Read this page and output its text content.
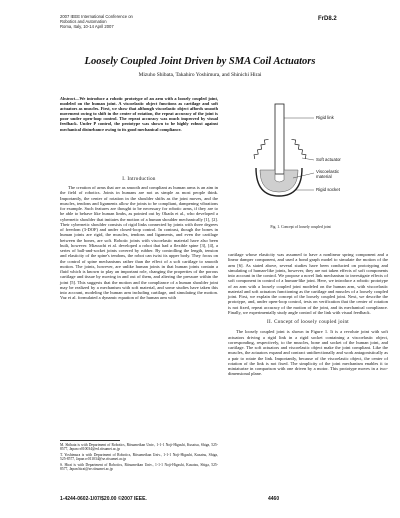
2007 IEEE International Conference on
Robotics and Automation
Roma, Italy, 10-14 April 2007
FrD8.2
Loosely Coupled Joint Driven by SMA Coil Actuators
Mizuho Shibata, Takahiro Yoshimura, and Shinichi Hirai
Abstract—We introduce a robotic prototype of an arm with a loosely coupled joint, modeled on the human joint. A viscoelastic object functions as cartilage and soft actuators as muscles. First, we show that although viscoelastic object affords smooth movement owing to shift in the center of rotation, the repeat accuracy of the joint is poor under open-loop control. The repeat accuracy was much improved by visual feedback. Under P control, the prototype was shown to be highly robust against mechanical disturbance owing to its good mechanical compliance.
I. Introduction

The creation of arms that are as smooth and compliant as human arms is an aim in the field of robotics. Joints in humans are not as simple as most people think. Importantly, the center of rotation in the shoulder shifts as the joint moves, and the muscles, tendons and ligaments allow the joints to be compliant, dampening vibrations for example. Such features are thought to be necessary for robotic arms, if they are to be able to behave like human limbs, as pointed out by Okada et al., who developed a cybernetic shoulder that imitates the motion of a human shoulder mechanically [1], [2]. Their cybernetic shoulder consists of rigid links connected by joints with three degrees of freedom (3-DOF) and under closed-loop control. In contrast, though the bones in human joints are rigid, the muscles, tendons and ligaments, and even the cartilage between the bones, are soft. Robotic joints with viscoelastic material have also been built, however. Mizuuchi et al. developed a robot that had a flexible spine [3], [4], a series of ball-and-socket joints covered by rubber. By controlling the length, tension and elasticity of the spine's tendons, the robot can twist its upper body. They focus on the control of spine mechanisms rather than the effect of a soft cartilage to smooth motion. The joints, however, are unlike human joints in that human joints contain a fluid which is known to play an important role, changing the properties of the porous cartilage and tissue by moving in and out of them, and altering the pressure within the joint [5]. This suggests that the motion and the compliance of a human shoulder joint may be realized by a mechanism with soft material, and some studies have taken this into account, modeling the human arm including cartilage, and simulating the motion. Vaz et al. formulated a dynamic equation of the human arm with

M. Shibata is with Department of Robotics, Ritsumeikan Univ., 1-1-1 Noji-Higashi, Kusatsu, Shiga, 525-8577, Japan rr010034@ed.ritsumei.ac.jp
T. Yoshimura is with Department of Robotics, Ritsumeikan Univ., 1-1-1 Noji-Higashi, Kusatsu, Shiga, 525-8577, Japan rr011034@se.ritsumei.ac.jp
S. Hirai is with Department of Robotics, Ritsumeikan Univ., 1-1-1 Noji-Higashi, Kusatsu, Shiga, 525-8577, Japan hirai@se.ritsumei.ac.jp
Rigid link
Soft actuator
Viscoelastic material
Rigid socket
Fig. 1. Concept of loosely coupled joint

cartilage whose elasticity was assumed to have a nonlinear spring component and a linear damper component, and used a bond graph model to simulate the motion of the arm [6]. As stated above, several studies have been conducted on prototyping and simulating of human-like joints, however, they are not taken effects of soft components into account in the control. We propose a novel link mechanism to investigate effects of soft component in control of a human-like joint. Here, we introduce a robotic prototype of an arm with a loosely coupled joint modeled on the human arm, with viscoelastic material and soft actuators functioning as the cartilage and muscles of a loosely coupled joint. First, we explain the concept of the loosely coupled joint. Next, we describe the prototype, and, under open-loop control, tests on verification that the center of rotation is not fixed, repeat accuracy of the motion of the joint, and its mechanical compliance. Finally, we experimentally study angle control of the link with visual feedback.

II. Concept of loosely coupled joint

The loosely coupled joint is shown in Figure 1. It is a revolute joint with soft actuators driving a rigid link in a rigid socket containing a viscoelastic object, corresponding, respectively, to the muscles, bone and socket of the human joint, and cartilage. The soft actuators and viscoelastic object make the joint compliant. Like the muscles, the actuators expand and contract unidirectionally and work antagonistically as a pair to rotate the link. Importantly, because of the viscoelastic object, the center of rotation of the link is not fixed. The simplicity of the joint mechanism enables it to miniaturize in comparison with one driven by a motor. This prototype moves in a two-dimensional plane.

1-4244-0602-1/07/$20.00 ©2007 IEEE.	4460
